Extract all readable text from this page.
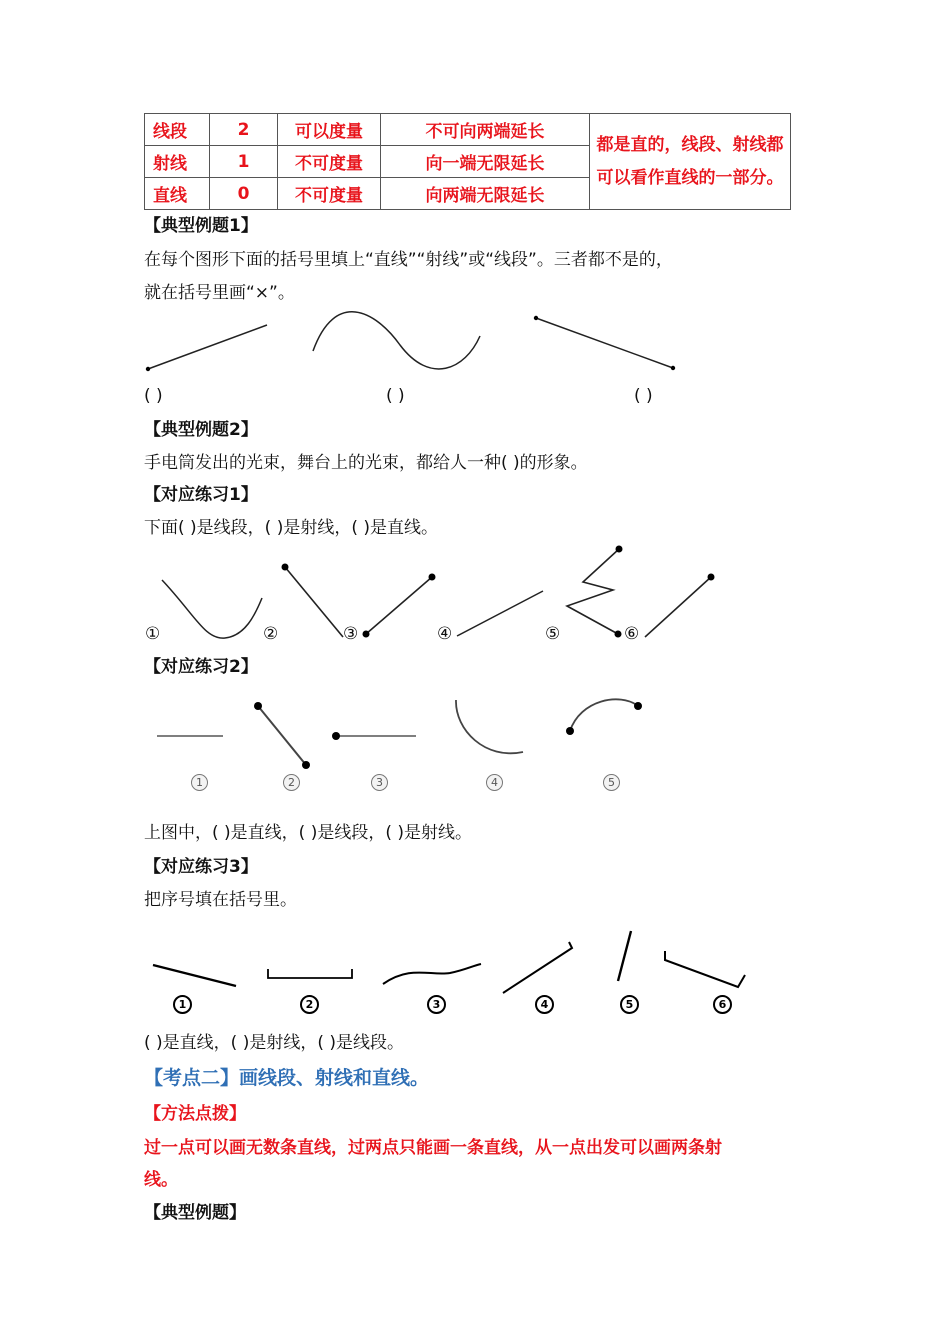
线段	2	可以度量	不可向两端延长	都是直的，线段、射线都可以看作直线的一部分。
射线	1	不可度量	向一端无限延长	
直线	0	不可度量	向两端无限延长	
【典型例题1】
在每个图形下面的括号里填上“直线”“射线”或“线段”。三者都不是的，
就在括号里画“×”。
( )	( )	( )
【典型例题2】
手电筒发出的光束，舞台上的光束，都给人一种( )的形象。
【对应练习1】
下面( )是线段，( )是射线，( )是直线。
①	②	③	④	⑤	⑥
【对应练习2】
1	2	3	4	5
上图中，( )是直线，( )是线段，( )是射线。
【对应练习3】
把序号填在括号里。
1	2	3	4	5	6
( )是直线，( )是射线，( )是线段。
【考点二】画线段、射线和直线。
【方法点拨】
过一点可以画无数条直线，过两点只能画一条直线，从一点出发可以画两条射
线。
【典型例题】
